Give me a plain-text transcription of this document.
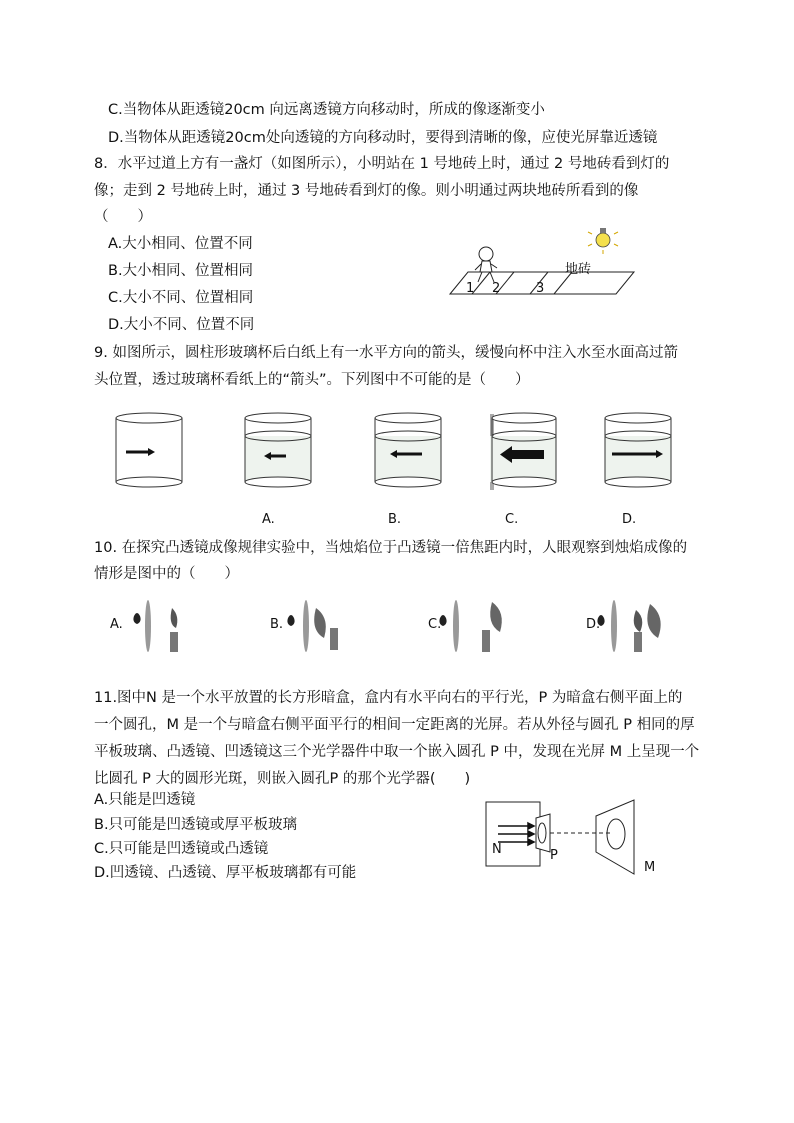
C.当物体从距透镜20cm 向远离透镜方向移动时，所成的像逐渐变小
D.当物体从距透镜20cm处向透镜的方向移动时，要得到清晰的像，应使光屏靠近透镜
8．水平过道上方有一盏灯（如图所示），小明站在 1 号地砖上时，通过 2 号地砖看到灯的
像；走到 2 号地砖上时，通过 3 号地砖看到灯的像。则小明通过两块地砖所看到的像
（　　）
A.大小相同、位置不同
B.大小相同、位置相同
C.大小不同、位置相同
D.大小不同、位置不同
地砖
1 2	3
9. 如图所示，圆柱形玻璃杯后白纸上有一水平方向的箭头，缓慢向杯中注入水至水面高过箭
头位置，透过玻璃杯看纸上的“箭头”。下列图中不可能的是（　　）
A.	B.	C.	D.
10. 在探究凸透镜成像规律实验中，当烛焰位于凸透镜一倍焦距内时，人眼观察到烛焰成像的
情形是图中的（　　）
A.	B.	C.	D.
11.图中N 是一个水平放置的长方形暗盒，盒内有水平向右的平行光，P 为暗盒右侧平面上的
一个圆孔，M 是一个与暗盒右侧平面平行的相间一定距离的光屏。若从外径与圆孔 P 相同的厚
平板玻璃、凸透镜、凹透镜这三个光学器件中取一个嵌入圆孔 P 中，发现在光屏 M 上呈现一个
比圆孔 P 大的圆形光斑，则嵌入圆孔P 的那个光学器(　　)
A.只能是凹透镜
B.只可能是凹透镜或厚平板玻璃
C.只可能是凹透镜或凸透镜
D.凹透镜、凸透镜、厚平板玻璃都有可能
N	P
M
